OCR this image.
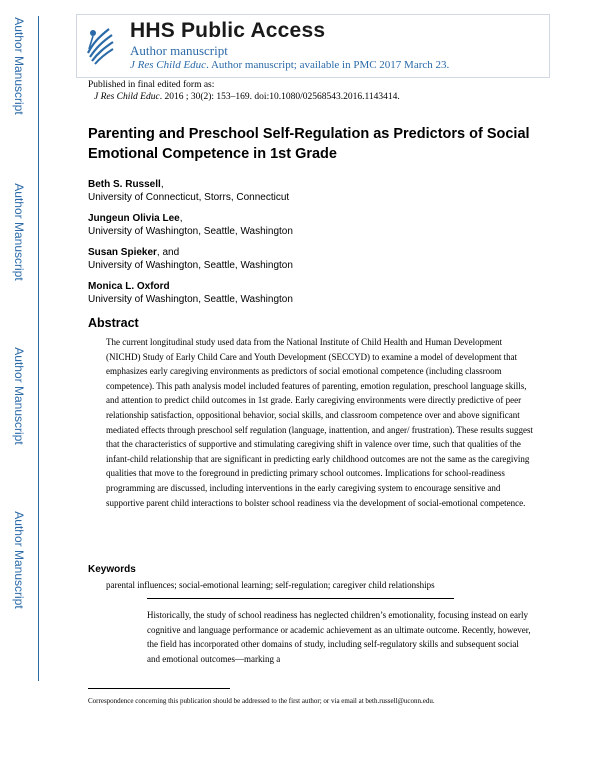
Author Manuscript
Author Manuscript
Author Manuscript
Author Manuscript
HHS Public Access
Author manuscript
J Res Child Educ. Author manuscript; available in PMC 2017 March 23.
Published in final edited form as:
J Res Child Educ. 2016 ; 30(2): 153–169. doi:10.1080/02568543.2016.1143414.
Parenting and Preschool Self-Regulation as Predictors of Social Emotional Competence in 1st Grade
Beth S. Russell,
University of Connecticut, Storrs, Connecticut
Jungeun Olivia Lee,
University of Washington, Seattle, Washington
Susan Spieker, and
University of Washington, Seattle, Washington
Monica L. Oxford
University of Washington, Seattle, Washington
Abstract
The current longitudinal study used data from the National Institute of Child Health and Human Development (NICHD) Study of Early Child Care and Youth Development (SECCYD) to examine a model of development that emphasizes early caregiving environments as predictors of social emotional competence (including classroom competence). This path analysis model included features of parenting, emotion regulation, preschool language skills, and attention to predict child outcomes in 1st grade. Early caregiving environments were directly predictive of peer relationship satisfaction, oppositional behavior, social skills, and classroom competence over and above significant mediated effects through preschool self regulation (language, inattention, and anger/ frustration). These results suggest that the characteristics of supportive and stimulating caregiving shift in valence over time, such that qualities of the infant-child relationship that are significant in predicting early childhood outcomes are not the same as the caregiving qualities that move to the foreground in predicting primary school outcomes. Implications for school-readiness programming are discussed, including interventions in the early caregiving system to encourage sensitive and supportive parent child interactions to bolster school readiness via the development of social-emotional competence.
Keywords
parental influences; social-emotional learning; self-regulation; caregiver child relationships
Historically, the study of school readiness has neglected children’s emotionality, focusing instead on early cognitive and language performance or academic achievement as an ultimate outcome. Recently, however, the field has incorporated other domains of study, including self-regulatory skills and subsequent social and emotional outcomes—marking a
Correspondence concerning this publication should be addressed to the first author; or via email at beth.russell@uconn.edu.
